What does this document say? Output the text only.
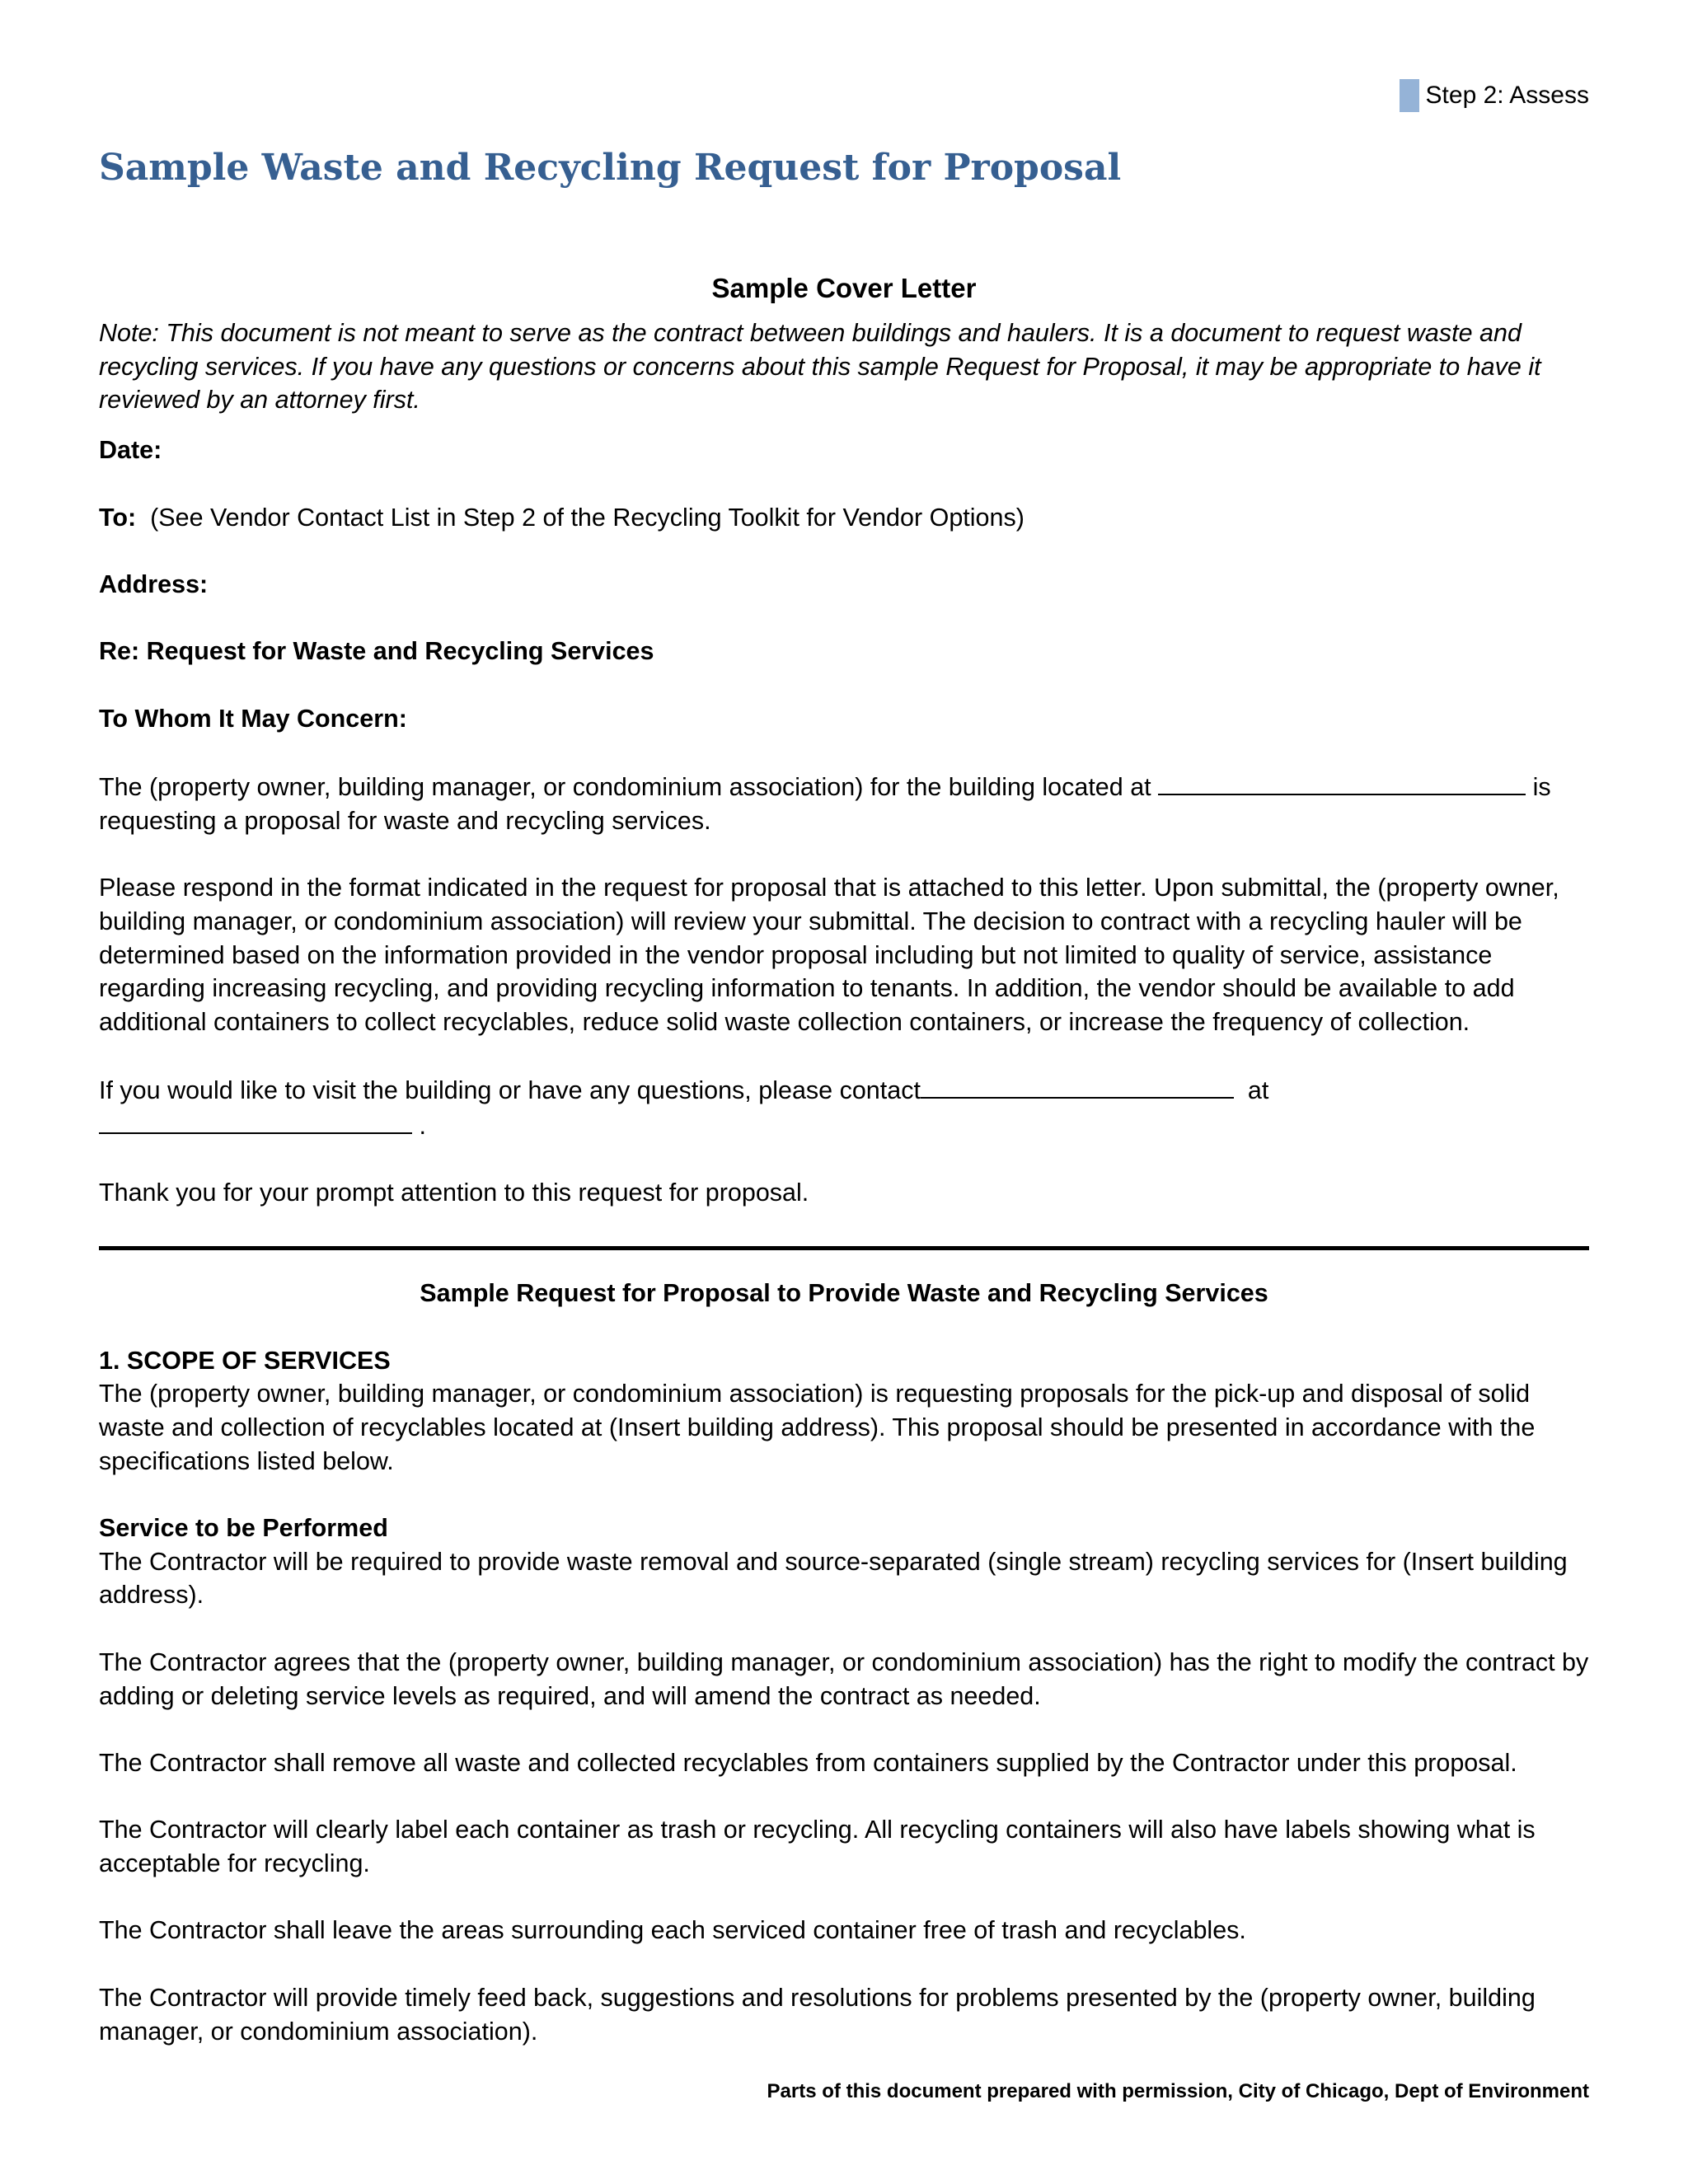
Step 2: Assess
Sample Waste and Recycling Request for Proposal

Sample Cover Letter

Note: This document is not meant to serve as the contract between buildings and haulers. It is a document to request waste and recycling services. If you have any questions or concerns about this sample Request for Proposal, it may be appropriate to have it reviewed by an attorney first.

Date:

To: (See Vendor Contact List in Step 2 of the Recycling Toolkit for Vendor Options)

Address:

Re: Request for Waste and Recycling Services

To Whom It May Concern:

The (property owner, building manager, or condominium association) for the building located at	is requesting a proposal for waste and recycling services.

Please respond in the format indicated in the request for proposal that is attached to this letter. Upon submittal, the (property owner, building manager, or condominium association) will review your submittal. The decision to contract with a recycling hauler will be determined based on the information provided in the vendor proposal including but not limited to quality of service, assistance regarding increasing recycling, and providing recycling information to tenants. In addition, the vendor should be available to add additional containers to collect recyclables, reduce solid waste collection containers, or increase the frequency of collection.

If you would like to visit the building or have any questions, please contact	at
.

Thank you for your prompt attention to this request for proposal.

Sample Request for Proposal to Provide Waste and Recycling Services

1. SCOPE OF SERVICES

The (property owner, building manager, or condominium association) is requesting proposals for the pick-up and disposal of solid waste and collection of recyclables located at (Insert building address). This proposal should be presented in accordance with the specifications listed below.

Service to be Performed

The Contractor will be required to provide waste removal and source-separated (single stream) recycling services for (Insert building address).

The Contractor agrees that the (property owner, building manager, or condominium association) has the right to modify the contract by adding or deleting service levels as required, and will amend the contract as needed.

The Contractor shall remove all waste and collected recyclables from containers supplied by the Contractor under this proposal.

The Contractor will clearly label each container as trash or recycling. All recycling containers will also have labels showing what is acceptable for recycling.

The Contractor shall leave the areas surrounding each serviced container free of trash and recyclables.

The Contractor will provide timely feed back, suggestions and resolutions for problems presented by the (property owner, building manager, or condominium association).

Parts of this document prepared with permission, City of Chicago, Dept of Environment
